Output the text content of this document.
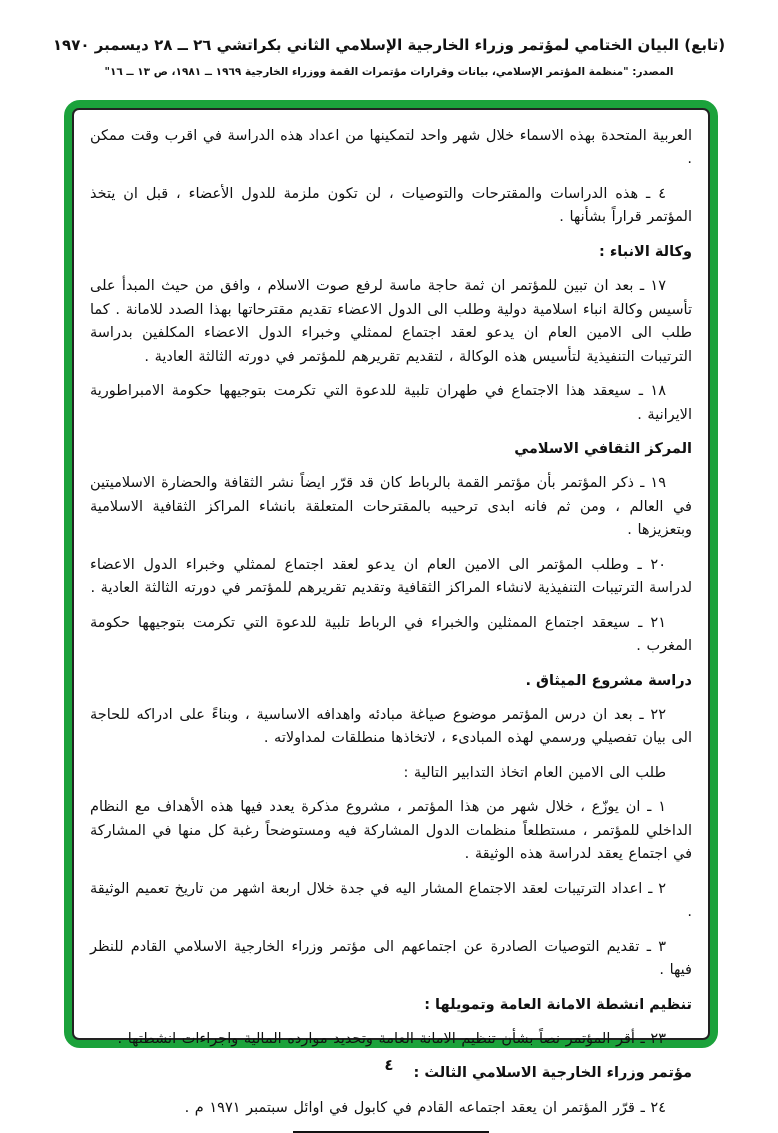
(تابع) البيان الختامي لمؤتمر وزراء الخارجية الإسلامي الثاني بكراتشي ٢٦ ــ ٢٨ ديسمبر ١٩٧٠
المصدر: "منظمة المؤتمر الإسلامي، بيانات وقرارات مؤتمرات القمة ووزراء الخارجية ١٩٦٩ ــ ١٩٨١، ص ١٣ ــ ١٦"

العربية المتحدة بهذه الاسماء خلال شهر واحد لتمكينها من اعداد هذه الدراسة في اقرب وقت ممكن .

٤ ـ هذه الدراسات والمقترحات والتوصيات ، لن تكون ملزمة للدول الأعضاء ، قبل ان يتخذ المؤتمر قراراً بشأنها .

وكالة الانباء :

١٧ ـ بعد ان تبين للمؤتمر ان ثمة حاجة ماسة لرفع صوت الاسلام ، وافق من حيث المبدأ على تأسيس وكالة انباء اسلامية دولية وطلب الى الدول الاعضاء تقديم مقترحاتها بهذا الصدد للامانة . كما طلب الى الامين العام ان يدعو لعقد اجتماع لممثلي وخبراء الدول الاعضاء المكلفين بدراسة الترتيبات التنفيذية لتأسيس هذه الوكالة ، لتقديم تقريرهم للمؤتمر في دورته الثالثة العادية .

١٨ ـ سيعقد هذا الاجتماع في طهران تلبية للدعوة التي تكرمت بتوجيهها حكومة الامبراطورية الايرانية .

المركز الثقافي الاسلامي

١٩ ـ ذكر المؤتمر بأن مؤتمر القمة بالرباط كان قد قرّر ايضاً نشر الثقافة والحضارة الاسلاميتين في العالم ، ومن ثم فانه ابدى ترحيبه بالمقترحات المتعلقة بانشاء المراكز الثقافية الاسلامية وبتعزيزها .

٢٠ ـ وطلب المؤتمر الى الامين العام ان يدعو لعقد اجتماع لممثلي وخبراء الدول الاعضاء لدراسة الترتيبات التنفيذية لانشاء المراكز الثقافية وتقديم تقريرهم للمؤتمر في دورته الثالثة العادية .

٢١ ـ سيعقد اجتماع الممثلين والخبراء في الرباط تلبية للدعوة التي تكرمت بتوجيهها حكومة المغرب .

دراسة مشروع الميثاق .

٢٢ ـ بعد ان درس المؤتمر موضوع صياغة مبادئه واهدافه الاساسية ، وبناءً على ادراكه للحاجة الى بيان تفصيلي ورسمي لهذه المبادىء ، لاتخاذها منطلقات لمداولاته .

طلب الى الامين العام اتخاذ التدابير التالية :

١ ـ ان يوزّع ، خلال شهر من هذا المؤتمر ، مشروع مذكرة يعدد فيها هذه الأهداف مع النظام الداخلي للمؤتمر ، مستطلعاً منظمات الدول المشاركة فيه ومستوضحاً رغبة كل منها في المشاركة في اجتماع يعقد لدراسة هذه الوثيقة .

٢ ـ اعداد الترتيبات لعقد الاجتماع المشار اليه في جدة خلال اربعة اشهر من تاريخ تعميم الوثيقة .

٣ ـ تقديم التوصيات الصادرة عن اجتماعهم الى مؤتمر وزراء الخارجية الاسلامي القادم للنظر فيها .

تنظيم انشطة الامانة العامة وتمويلها :

٢٣ ـ أقر المؤتمر نصاً بشأن تنظيم الامانة العامة وتحديد موارده المالية واجراءات انشطتها .

مؤتمر وزراء الخارجية الاسلامي الثالث :

٢٤ ـ قرّر المؤتمر ان يعقد اجتماعه القادم في كابول في اوائل سبتمبر ١٩٧١ م .

٤
